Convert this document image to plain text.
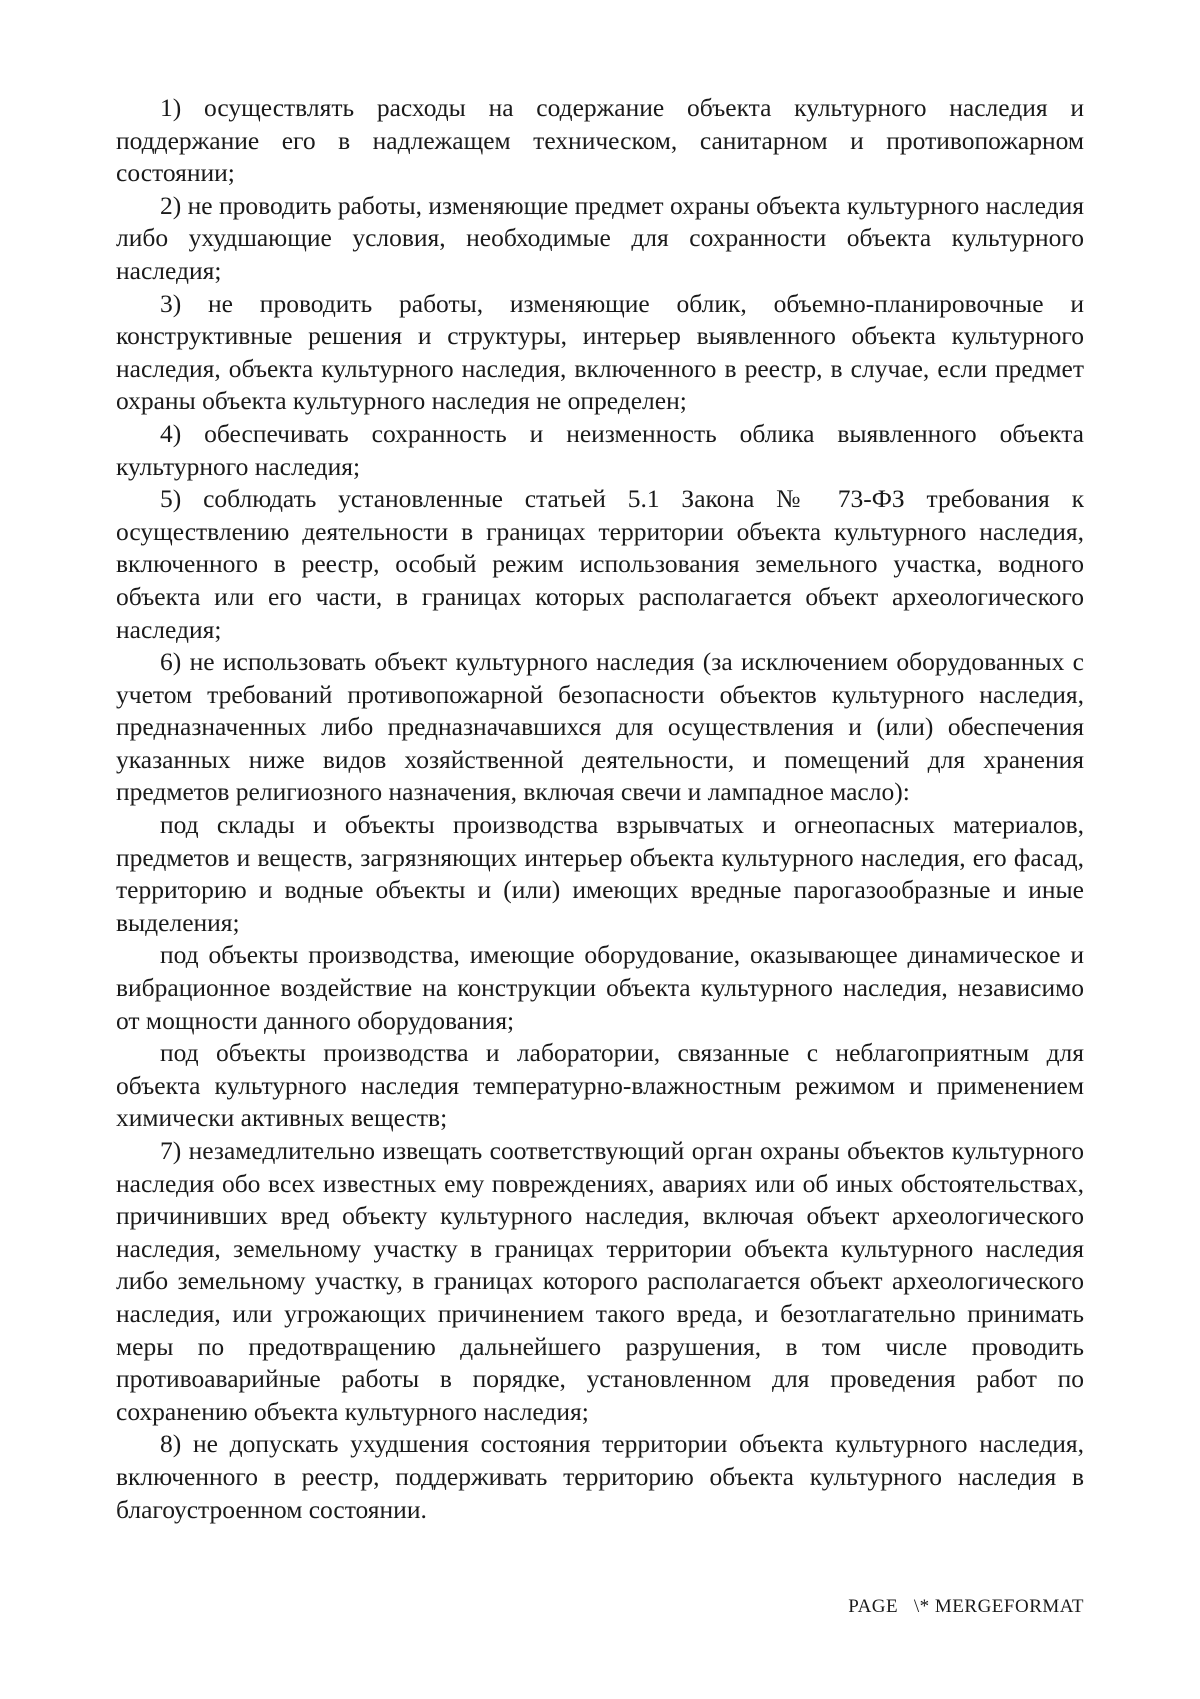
1) осуществлять расходы на содержание объекта культурного наследия и поддержание его в надлежащем техническом, санитарном и противопожарном состоянии;

2) не проводить работы, изменяющие предмет охраны объекта культурного наследия либо ухудшающие условия, необходимые для сохранности объекта культурного наследия;

3) не проводить работы, изменяющие облик, объемно-планировочные и конструктивные решения и структуры, интерьер выявленного объекта культурного наследия, объекта культурного наследия, включенного в реестр, в случае, если предмет охраны объекта культурного наследия не определен;

4) обеспечивать сохранность и неизменность облика выявленного объекта культурного наследия;

5) соблюдать установленные статьей 5.1 Закона № 73-ФЗ требования к осуществлению деятельности в границах территории объекта культурного наследия, включенного в реестр, особый режим использования земельного участка, водного объекта или его части, в границах которых располагается объект археологического наследия;

6) не использовать объект культурного наследия (за исключением оборудованных с учетом требований противопожарной безопасности объектов культурного наследия, предназначенных либо предназначавшихся для осуществления и (или) обеспечения указанных ниже видов хозяйственной деятельности, и помещений для хранения предметов религиозного назначения, включая свечи и лампадное масло):

под склады и объекты производства взрывчатых и огнеопасных материалов, предметов и веществ, загрязняющих интерьер объекта культурного наследия, его фасад, территорию и водные объекты и (или) имеющих вредные парогазообразные и иные выделения;

под объекты производства, имеющие оборудование, оказывающее динамическое и вибрационное воздействие на конструкции объекта культурного наследия, независимо от мощности данного оборудования;

под объекты производства и лаборатории, связанные с неблагоприятным для объекта культурного наследия температурно-влажностным режимом и применением химически активных веществ;

7) незамедлительно извещать соответствующий орган охраны объектов культурного наследия обо всех известных ему повреждениях, авариях или об иных обстоятельствах, причинивших вред объекту культурного наследия, включая объект археологического наследия, земельному участку в границах территории объекта культурного наследия либо земельному участку, в границах которого располагается объект археологического наследия, или угрожающих причинением такого вреда, и безотлагательно принимать меры по предотвращению дальнейшего разрушения, в том числе проводить противоаварийные работы в порядке, установленном для проведения работ по сохранению объекта культурного наследия;

8) не допускать ухудшения состояния территории объекта культурного наследия, включенного в реестр, поддерживать территорию объекта культурного наследия в благоустроенном состоянии.

PAGE   \* MERGEFORMAT
